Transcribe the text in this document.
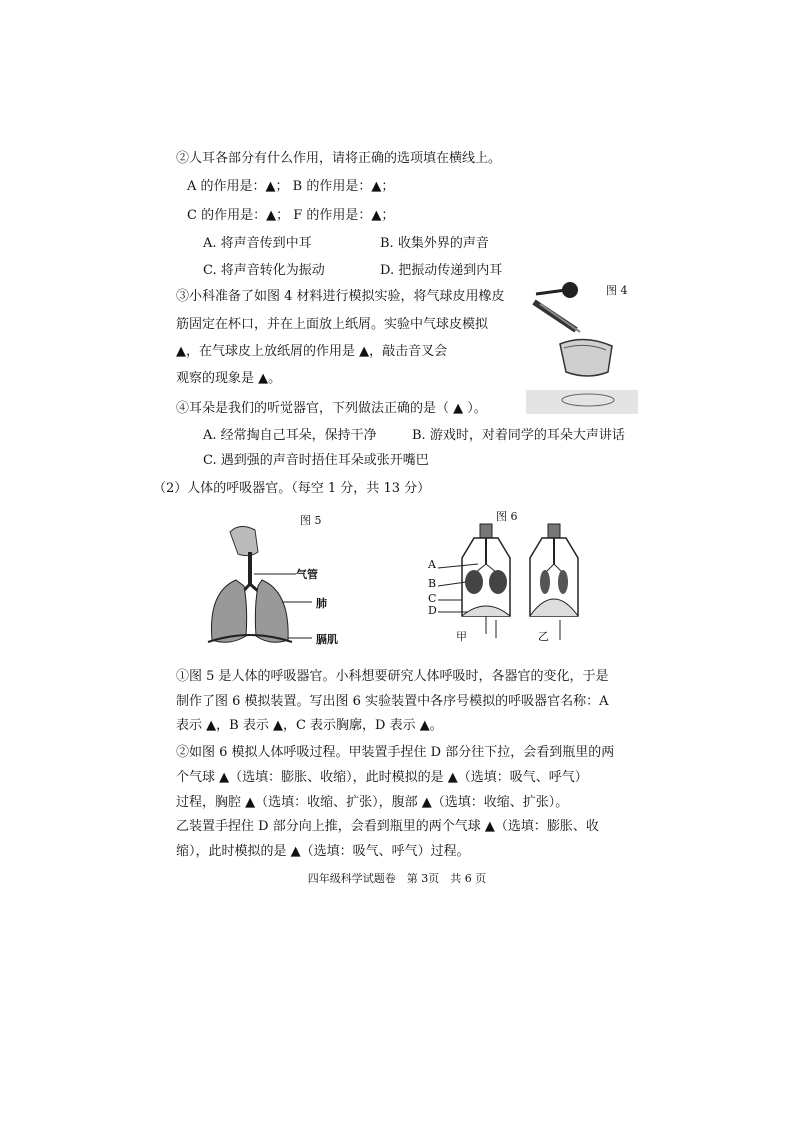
②人耳各部分有什么作用，请将正确的选项填在横线上。
A 的作用是：▲； B 的作用是：▲；
C 的作用是：▲； F 的作用是：▲；
A. 将声音传到中耳	B. 收集外界的声音
C. 将声音转化为振动	D. 把振动传递到内耳
③小科准备了如图 4 材料进行模拟实验，将气球皮用橡皮
筋固定在杯口，并在上面放上纸屑。实验中气球皮模拟
▲，在气球皮上放纸屑的作用是 ▲，敲击音叉会
观察的现象是 ▲。
图 4
④耳朵是我们的听觉器官，下列做法正确的是（ ▲ ）。
A. 经常掏自己耳朵，保持干净	B. 游戏时，对着同学的耳朵大声讲话
C. 遇到强的声音时捂住耳朵或张开嘴巴
（2）人体的呼吸器官。（每空 1 分，共 13 分）
图 5
气管
肺
膈肌
图 6
A
B
C
D
甲	乙
①图 5 是人体的呼吸器官。小科想要研究人体呼吸时，各器官的变化，于是
制作了图 6 模拟装置。写出图 6 实验装置中各序号模拟的呼吸器官名称：A
表示 ▲，B 表示 ▲，C 表示胸廓，D 表示 ▲。
②如图 6 模拟人体呼吸过程。甲装置手捏住 D 部分往下拉，会看到瓶里的两
个气球 ▲（选填：膨胀、收缩），此时模拟的是 ▲（选填：吸气、呼气）
过程，胸腔 ▲（选填：收缩、扩张），腹部 ▲（选填：收缩、扩张）。
乙装置手捏住 D 部分向上推，会看到瓶里的两个气球 ▲（选填：膨胀、收
缩），此时模拟的是 ▲（选填：吸气、呼气）过程。
四年级科学试题卷　第 3页　共 6 页
